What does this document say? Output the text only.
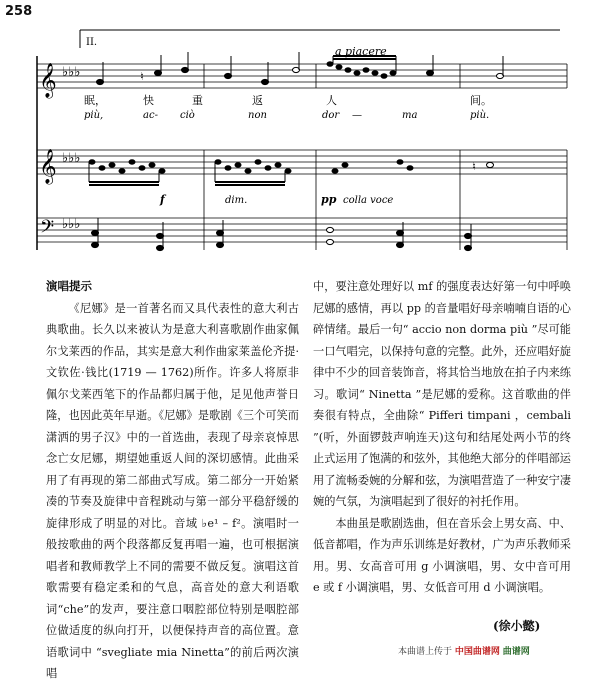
258
II.
a piacere
𝄞 ♭♭♭	♮
眠，	快	重	返	人	间。
più,	ac- ciò	non	dor —	ma	più.
𝄞 ♭♭♭
♮
f	dim.	pp colla voce
𝄢 ♭♭♭

演唱提示

《尼娜》是一首著名而又具代表性的意大利古典歌曲。长久以来被认为是意大利喜歌剧作曲家佩尔戈莱西的作品，其实是意大利作曲家莱盖伦齐提·文钦佐·钱比(1719 — 1762)所作。许多人将原非佩尔戈莱西笔下的作品都归属于他，足见他声誉日隆，也因此英年早逝。《尼娜》是歌剧《三个可笑而潇洒的男子汉》中的一首选曲，表现了母亲哀悼思念亡女尼娜，期望她重返人间的深切感情。此曲采用了有再现的第二部曲式写成。第二部分一开始紧凑的节奏及旋律中音程跳动与第一部分平稳舒缓的旋律形成了明显的对比。音域 ♭e¹ – f²。演唱时一般按歌曲的两个段落都反复再唱一遍，也可根据演唱者和教师教学上不同的需要不做反复。演唱这首歌需要有稳定柔和的气息，高音处的意大利语歌词“che”的发声，要注意口咽腔部位特别是咽腔部位做适度的纵向打开，以便保持声音的高位置。意语歌词中 “svegliate mia Ninetta”的前后两次演唱

中，要注意处理好以 mf 的强度表达好第一句中呼唤尼娜的感情，再以 pp 的音量唱好母亲喃喃自语的心碎情绪。最后一句“ accio non dorma più ”尽可能一口气唱完，以保持句意的完整。此外，还应唱好旋律中不少的回音装饰音，将其恰当地放在拍子内来练习。歌词“ Ninetta ”是尼娜的爱称。这首歌曲的伴奏很有特点，全曲除“ Pifferi timpani ，cembali ”(听，外面锣鼓声响连天)这句和结尾处两小节的终止式运用了饱满的和弦外，其他绝大部分的伴唱部运用了流畅委婉的分解和弦，为演唱营造了一种安宁凄婉的气氛，为演唱起到了很好的衬托作用。

本曲虽是歌剧选曲，但在音乐会上男女高、中、低音都唱，作为声乐训练是好教材，广为声乐教师采用。男、女高音可用 g 小调演唱，男、女中音可用 e 或 f 小调演唱，男、女低音可用 d 小调演唱。

(徐小懿)
本曲谱上传于 中国曲谱网 曲谱网
